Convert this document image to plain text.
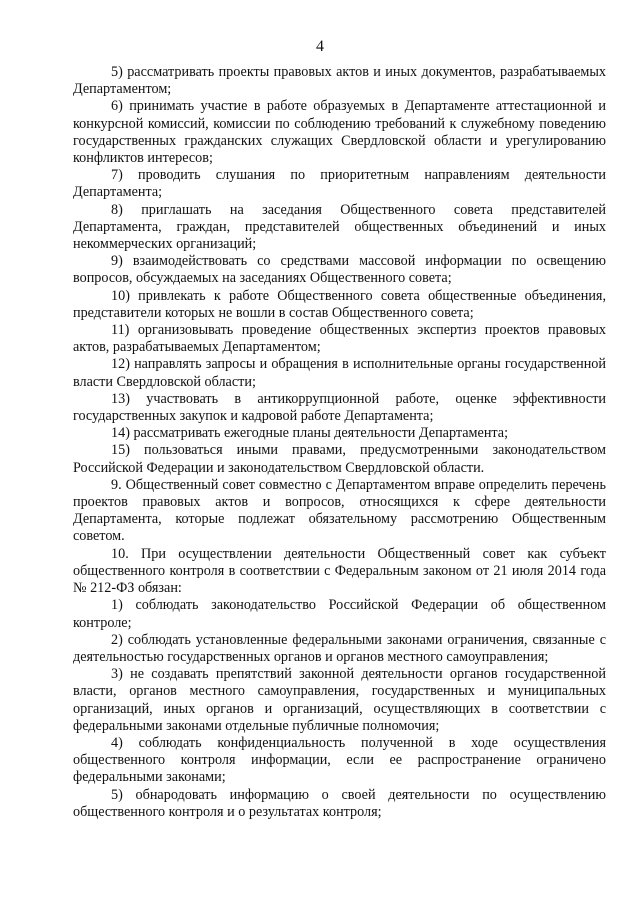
4

5) рассматривать проекты правовых актов и иных документов, разрабатываемых Департаментом;

6) принимать участие в работе образуемых в Департаменте аттестационной и конкурсной комиссий, комиссии по соблюдению требований к служебному поведению государственных гражданских служащих Свердловской области и урегулированию конфликтов интересов;

7) проводить слушания по приоритетным направлениям деятельности Департамента;

8) приглашать на заседания Общественного совета представителей Департамента, граждан, представителей общественных объединений и иных некоммерческих организаций;

9) взаимодействовать со средствами массовой информации по освещению вопросов, обсуждаемых на заседаниях Общественного совета;

10) привлекать к работе Общественного совета общественные объединения, представители которых не вошли в состав Общественного совета;

11) организовывать проведение общественных экспертиз проектов правовых актов, разрабатываемых Департаментом;

12) направлять запросы и обращения в исполнительные органы государственной власти Свердловской области;

13) участвовать в антикоррупционной работе, оценке эффективности государственных закупок и кадровой работе Департамента;

14) рассматривать ежегодные планы деятельности Департамента;

15) пользоваться иными правами, предусмотренными законодательством Российской Федерации и законодательством Свердловской области.

9. Общественный совет совместно с Департаментом вправе определить перечень проектов правовых актов и вопросов, относящихся к сфере деятельности Департамента, которые подлежат обязательному рассмотрению Общественным советом.

10. При осуществлении деятельности Общественный совет как субъект общественного контроля в соответствии с Федеральным законом от 21 июля 2014 года № 212-ФЗ обязан:

1) соблюдать законодательство Российской Федерации об общественном контроле;

2) соблюдать установленные федеральными законами ограничения, связанные с деятельностью государственных органов и органов местного самоуправления;

3) не создавать препятствий законной деятельности органов государственной власти, органов местного самоуправления, государственных и муниципальных организаций, иных органов и организаций, осуществляющих в соответствии с федеральными законами отдельные публичные полномочия;

4) соблюдать конфиденциальность полученной в ходе осуществления общественного контроля информации, если ее распространение ограничено федеральными законами;

5) обнародовать информацию о своей деятельности по осуществлению общественного контроля и о результатах контроля;
